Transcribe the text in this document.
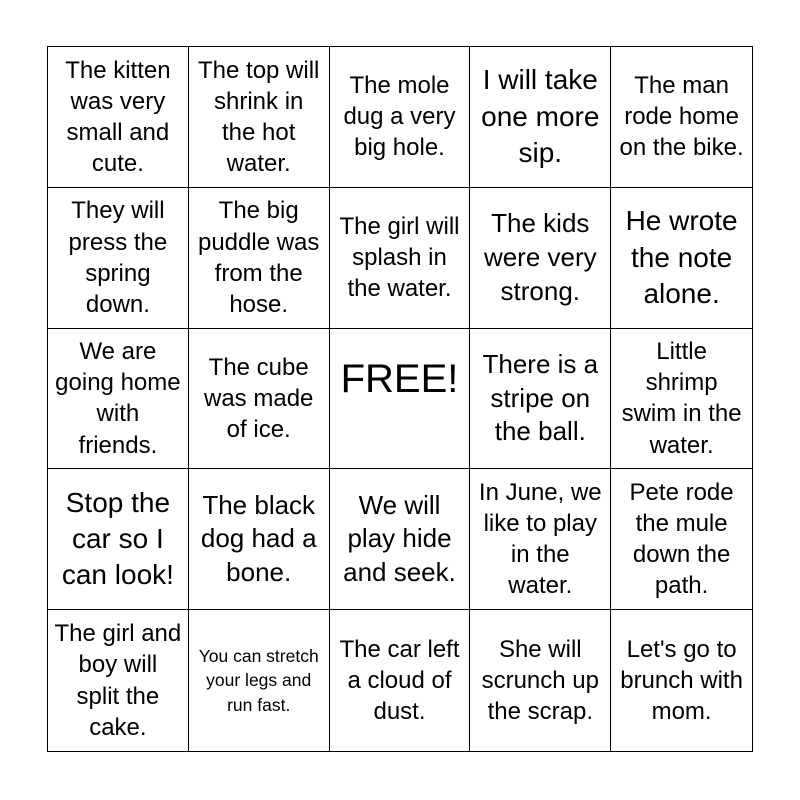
The kitten was very small and cute.
The top will shrink in the hot water.
The mole dug a very big hole.
I will take one more sip.
The man rode home on the bike.
They will press the spring down.
The big puddle was from the hose.
The girl will splash in the water.
The kids were very strong.
He wrote the note alone.
We are going home with friends.
The cube was made of ice.
FREE! There is a stripe on the ball.
Little shrimp swim in the water.
Stop the car so I can look!
The black dog had a bone.
We will play hide and seek.
In June, we like to play in the water.
Pete rode the mule down the path.
The girl and boy will split the cake.
You can stretch your legs and run fast.
The car left a cloud of dust.
She will scrunch up the scrap.
Let's go to brunch with mom.
